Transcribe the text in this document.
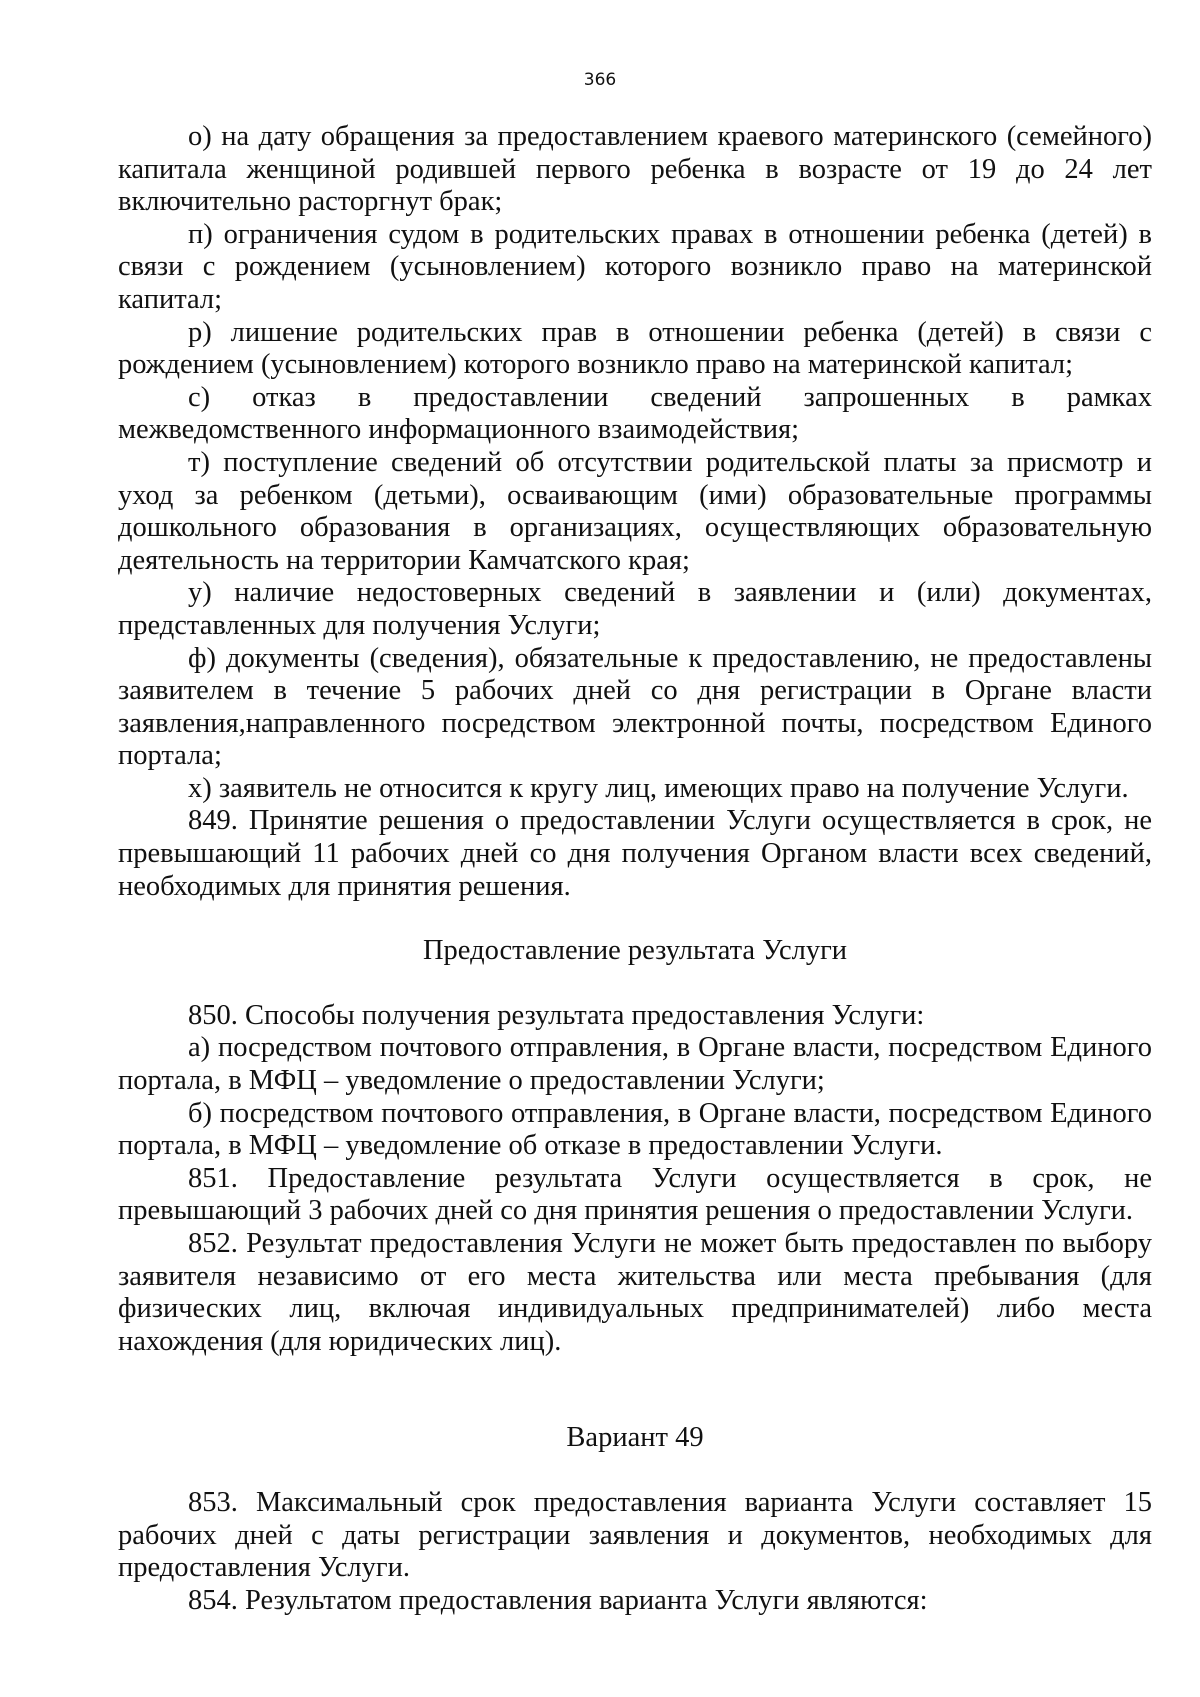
366

о) на дату обращения за предоставлением краевого материнского (семейного) капитала женщиной родившей первого ребенка в возрасте от 19 до 24 лет включительно расторгнут брак;

п) ограничения судом в родительских правах в отношении ребенка (детей) в связи с рождением (усыновлением) которого возникло право на материнской капитал;

р) лишение родительских прав в отношении ребенка (детей) в связи с рождением (усыновлением) которого возникло право на материнской капитал;

с) отказ в предоставлении сведений запрошенных в рамках межведомственного информационного взаимодействия;

т) поступление сведений об отсутствии родительской платы за присмотр и уход за ребенком (детьми), осваивающим (ими) образовательные программы дошкольного образования в организациях, осуществляющих образовательную деятельность на территории Камчатского края;

у) наличие недостоверных сведений в заявлении и (или) документах, представленных для получения Услуги;

ф) документы (сведения), обязательные к предоставлению, не предоставлены заявителем в течение 5 рабочих дней со дня регистрации в Органе власти заявления,направленного посредством электронной почты, посредством Единого портала;

х) заявитель не относится к кругу лиц, имеющих право на получение Услуги.

849. Принятие решения о предоставлении Услуги осуществляется в срок, не превышающий 11 рабочих дней со дня получения Органом власти всех сведений, необходимых для принятия решения.

Предоставление результата Услуги

850. Способы получения результата предоставления Услуги:

а) посредством почтового отправления, в Органе власти, посредством Единого портала, в МФЦ – уведомление о предоставлении Услуги;

б) посредством почтового отправления, в Органе власти, посредством Единого портала, в МФЦ – уведомление об отказе в предоставлении Услуги.

851. Предоставление результата Услуги осуществляется в срок, не превышающий 3 рабочих дней со дня принятия решения о предоставлении Услуги.

852. Результат предоставления Услуги не может быть предоставлен по выбору заявителя независимо от его места жительства или места пребывания (для физических лиц, включая индивидуальных предпринимателей) либо места нахождения (для юридических лиц).

Вариант 49

853. Максимальный срок предоставления варианта Услуги составляет 15 рабочих дней с даты регистрации заявления и документов, необходимых для предоставления Услуги.

854. Результатом предоставления варианта Услуги являются:
